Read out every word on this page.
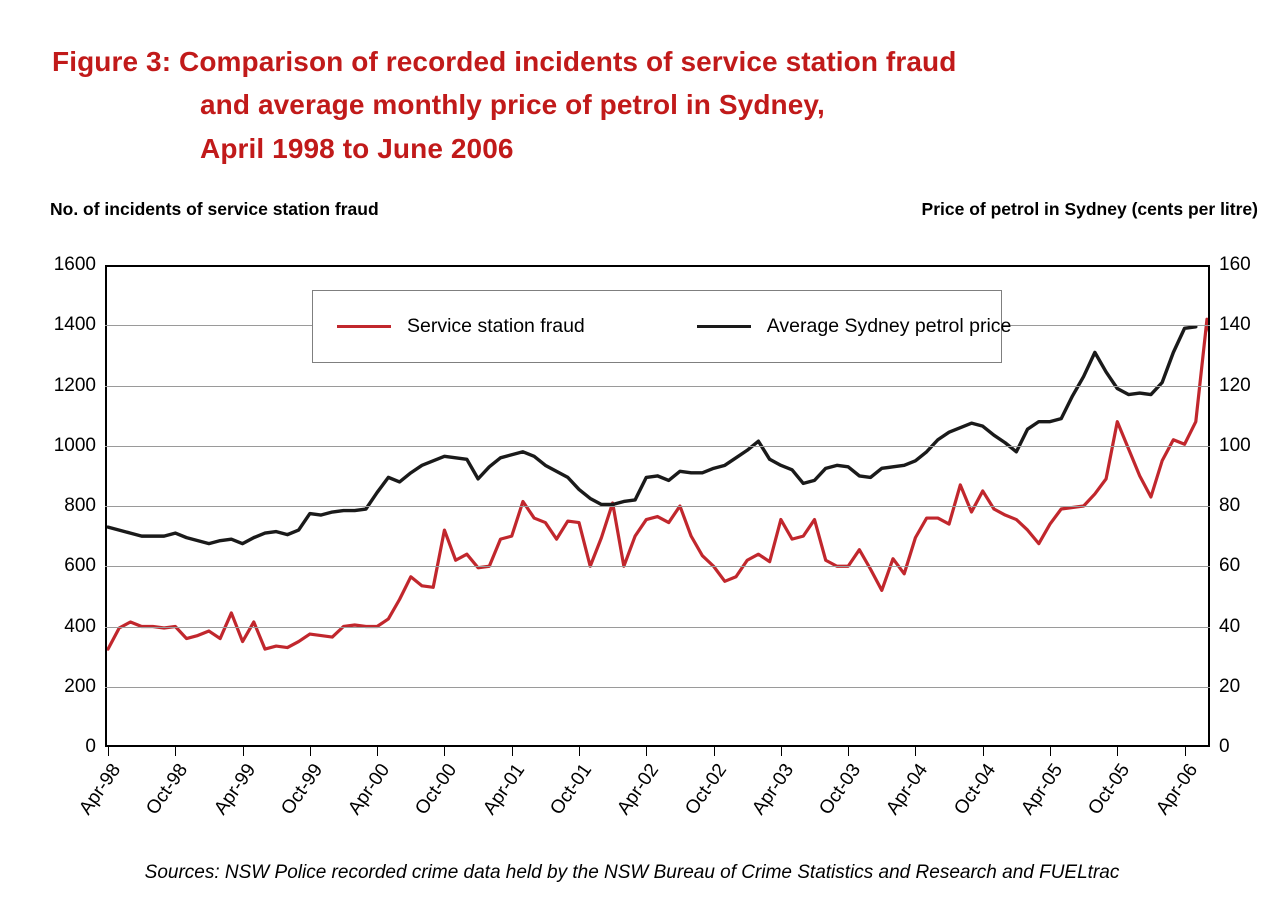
Figure 3: Comparison of recorded incidents of service station fraud
and average monthly price of petrol in Sydney,
April 1998 to June 2006
No. of incidents of service station fraud	Price of petrol in Sydney (cents per litre)
0
200
400
600
800
1000
1200
1400
1600
0
20
40
60
80
100
120
140
160
Apr-98 Oct-98 Apr-99 Oct-99 Apr-00 Oct-00 Apr-01 Oct-01 Apr-02 Oct-02 Apr-03 Oct-03 Apr-04 Oct-04 Apr-05 Oct-05 Apr-06
Service station fraud	Average Sydney petrol price
Sources: NSW Police recorded crime data held by the NSW Bureau of Crime Statistics and Research and FUELtrac
